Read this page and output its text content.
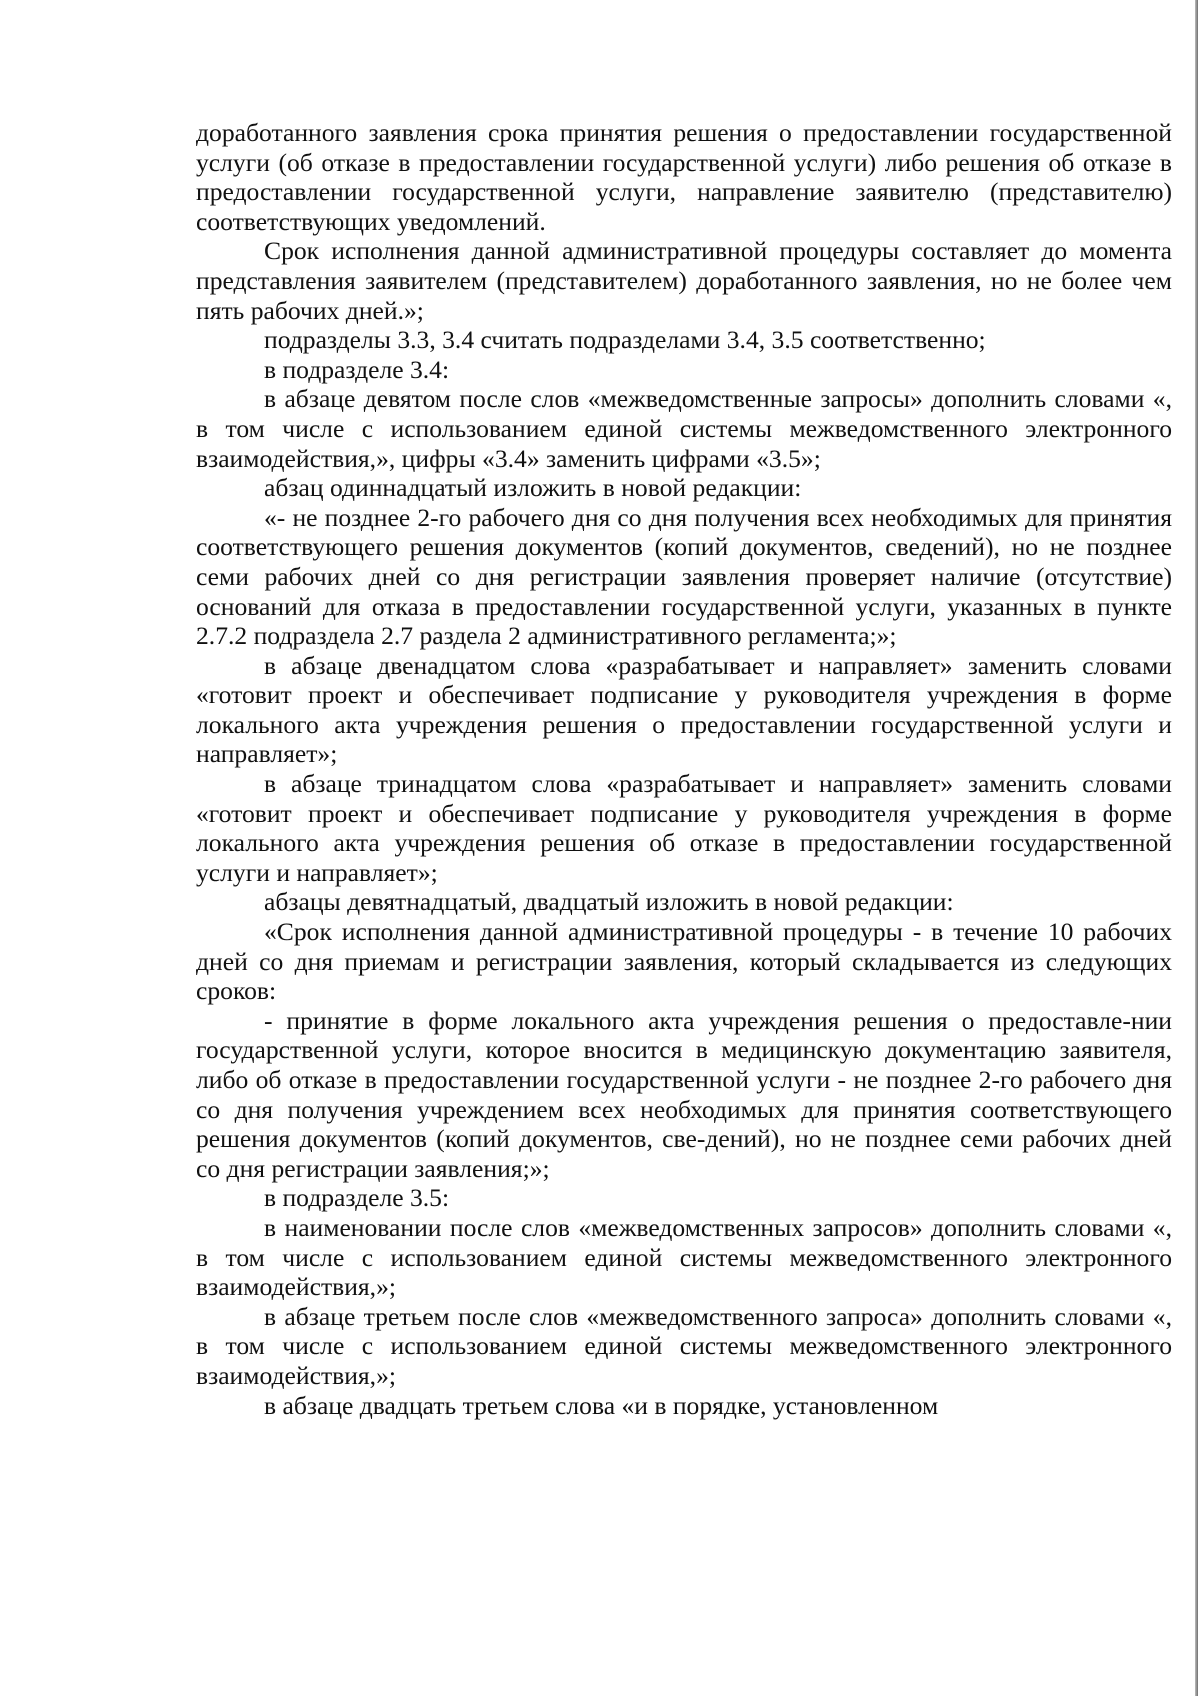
доработанного заявления срока принятия решения о предоставлении государственной услуги (об отказе в предоставлении государственной услуги) либо решения об отказе в предоставлении государственной услуги, направление заявителю (представителю) соответствующих уведомлений.

Срок исполнения данной административной процедуры составляет до момента представления заявителем (представителем) доработанного заявления, но не более чем пять рабочих дней.»;

подразделы 3.3, 3.4 считать подразделами 3.4, 3.5 соответственно;

в подразделе 3.4:

в абзаце девятом после слов «межведомственные запросы» дополнить словами «, в том числе с использованием единой системы межведомственного электронного взаимодействия,», цифры «3.4» заменить цифрами «3.5»;

абзац одиннадцатый изложить в новой редакции:

«- не позднее 2-го рабочего дня со дня получения всех необходимых для принятия соответствующего решения документов (копий документов, сведений), но не позднее семи рабочих дней со дня регистрации заявления проверяет наличие (отсутствие) оснований для отказа в предоставлении государственной услуги, указанных в пункте 2.7.2 подраздела 2.7 раздела 2 административного регламента;»;

в абзаце двенадцатом слова «разрабатывает и направляет» заменить словами «готовит проект и обеспечивает подписание у руководителя учреждения в форме локального акта учреждения решения о предоставлении государственной услуги и направляет»;

в абзаце тринадцатом слова «разрабатывает и направляет» заменить словами «готовит проект и обеспечивает подписание у руководителя учреждения в форме локального акта учреждения решения об отказе в предоставлении государственной услуги и направляет»;

абзацы девятнадцатый, двадцатый изложить в новой редакции:

«Срок исполнения данной административной процедуры - в течение 10 рабочих дней со дня приемам и регистрации заявления, который складывается из следующих сроков:

- принятие в форме локального акта учреждения решения о предоставле-нии государственной услуги, которое вносится в медицинскую документацию заявителя, либо об отказе в предоставлении государственной услуги - не позднее 2-го рабочего дня со дня получения учреждением всех необходимых для принятия соответствующего решения документов (копий документов, све-дений), но не позднее семи рабочих дней со дня регистрации заявления;»;

в подразделе 3.5:

в наименовании после слов «межведомственных запросов» дополнить словами «, в том числе с использованием единой системы межведомственного электронного взаимодействия,»;

в абзаце третьем после слов «межведомственного запроса» дополнить словами «, в том числе с использованием единой системы межведомственного электронного взаимодействия,»;

в абзаце двадцать третьем слова «и в порядке, установленном
